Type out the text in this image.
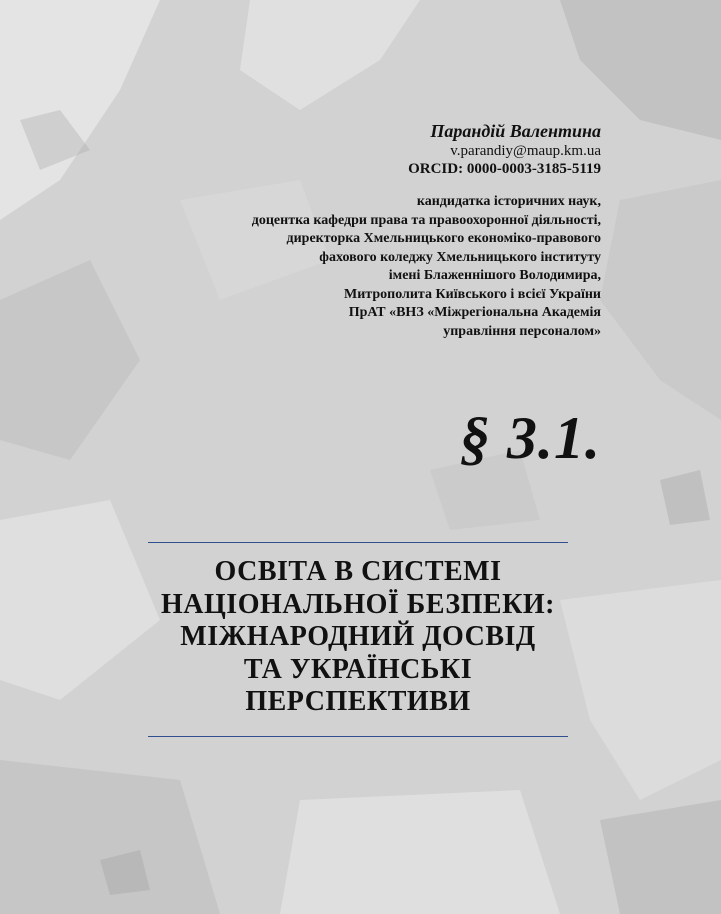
Парандій Валентина
v.parandiy@maup.km.ua
ORCID: 0000-0003-3185-5119
кандидатка історичних наук,
доцентка кафедри права та правоохоронної діяльності,
директорка Хмельницького економіко-правового
фахового коледжу Хмельницького інституту
імені Блаженнішого Володимира,
Митрополита Київського і всієї України
ПрАТ «ВНЗ «Міжрегіональна Академія
управління персоналом»
§ 3.1.
ОСВІТА В СИСТЕМІ
НАЦІОНАЛЬНОЇ БЕЗПЕКИ:
МІЖНАРОДНИЙ ДОСВІД
ТА УКРАЇНСЬКІ
ПЕРСПЕКТИВИ
